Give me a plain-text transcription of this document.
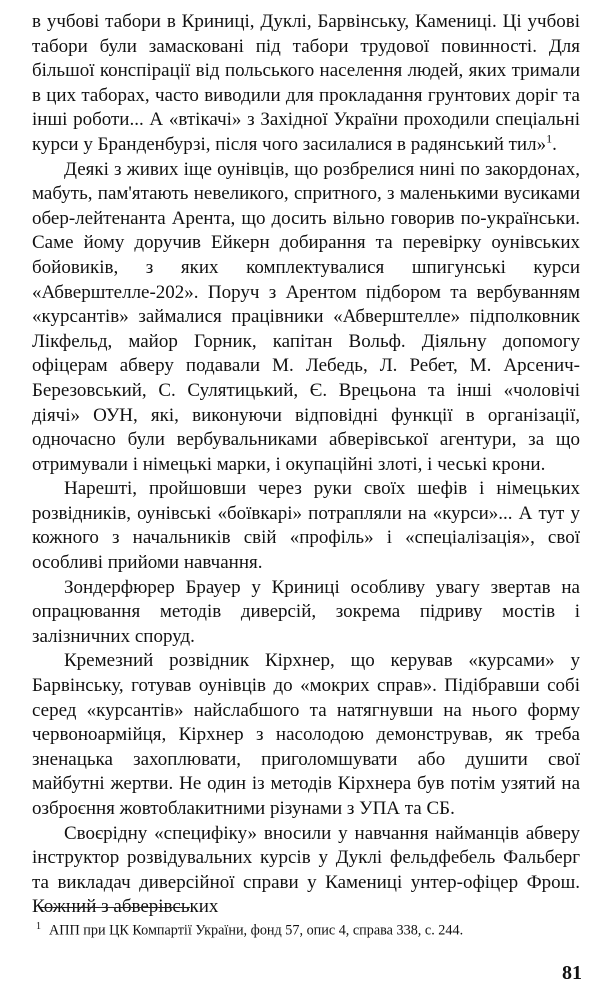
в учбові табори в Криниці, Дуклі, Барвінську, Камениці. Ці учбові табори були замасковані під табори трудової повинності. Для більшої конспірації від польського населення людей, яких тримали в цих таборах, часто виводили для прокладання грунтових доріг та інші роботи... А «втікачі» з Західної України проходили спеціальні курси у Бранденбурзі, після чого засилалися в радянський тил»$^1$.

Деякі з живих іще оунівців, що розбрелися нині по закордонах, мабуть, пам'ятають невеликого, спритного, з маленькими вусиками обер-лейтенанта Арента, що досить вільно говорив по-українськи. Саме йому доручив Ейкерн добирання та перевірку оунівських бойовиків, з яких комплектувалися шпигунські курси «Абверштелле-202». Поруч з Арентом підбором та вербуванням «курсантів» займалися працівники «Абверштелле» підполковник Лікфельд, майор Горник, капітан Вольф. Діяльну допомогу офіцерам абверу подавали М. Лебедь, Л. Ребет, М. Арсенич-Березовський, С. Сулятицький, Є. Врецьона та інші «чоловічі діячі» ОУН, які, виконуючи відповідні функції в організації, одночасно були вербувальниками абверівської агентури, за що отримували і німецькі марки, і окупаційні злоті, і чеські крони.

Нарешті, пройшовши через руки своїх шефів і німецьких розвідників, оунівські «боївкарі» потрапляли на «курси»... А тут у кожного з начальників свій «профіль» і «спеціалізація», свої особливі прийоми навчання.

Зондерфюрер Брауер у Криниці особливу увагу звертав на опрацювання методів диверсій, зокрема підриву мостів і залізничних споруд.

Кремезний розвідник Кірхнер, що керував «курсами» у Барвінську, готував оунівців до «мокрих справ». Підібравши собі серед «курсантів» найслабшого та натягнувши на нього форму червоноармійця, Кірхнер з насолодою демонстрував, як треба зненацька захоплювати, приголомшувати або душити свої майбутні жертви. Не один із методів Кірхнера був потім узятий на озброєння жовтоблакитними різунами з УПА та СБ.

Своєрідну «специфіку» вносили у навчання найманців абверу інструктор розвідувальних курсів у Дуклі фельдфебель Фальберг та викладач диверсійної справи у Камениці унтер-офіцер Фрош. Кожний з абверівських

$^1$ АПП при ЦК Компартії України, фонд 57, опис 4, справа 338, с. 244.
81
